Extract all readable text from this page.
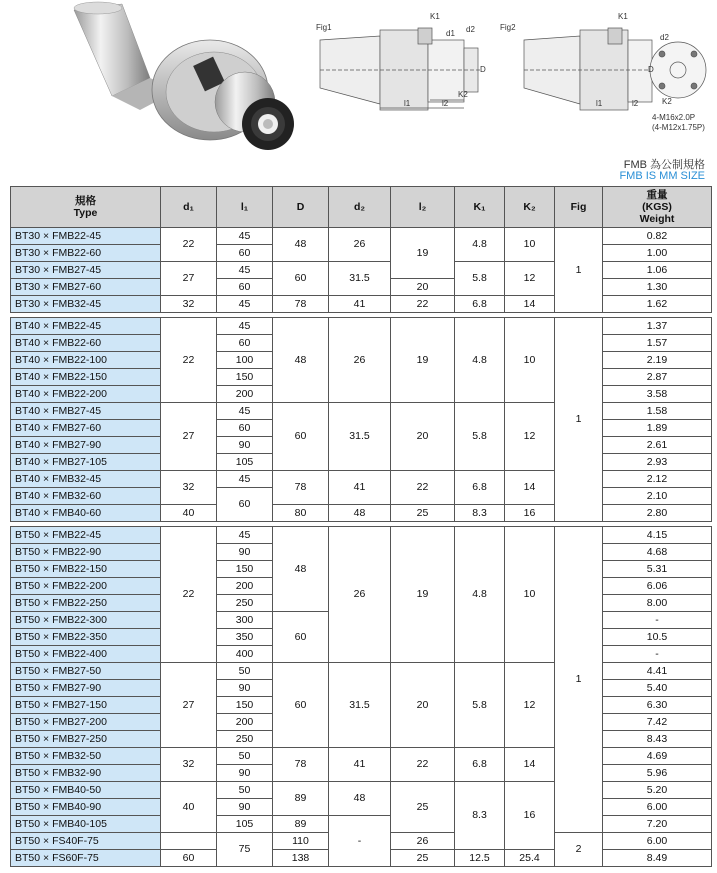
Fig1
K1
d1 d2
D
K2
l1	l2
Fig2
K1
d2
D
K2
l1	l2
4-M16x2.0P
(4-M12x1.75P)
FMB 為公制規格
FMB IS MM SIZE
規格
Type	d₁	l₁	D	d₂	l₂	K₁	K₂	Fig	重量
(KGS)
Weight
BT30 × FMB22-45	22	45	48	26	19	4.8	10	1	0.82
BT30 × FMB22-60		60							1.00
BT30 × FMB27-45	27	45	60	31.5		5.8	12		1.06
BT30 × FMB27-60		60			20				1.30
BT30 × FMB32-45	32	45	78	41	22	6.8	14		1.62

BT40 × FMB22-45	22	45	48	26	19	4.8	10	1	1.37
BT40 × FMB22-60		60							1.57
BT40 × FMB22-100		100							2.19
BT40 × FMB22-150		150							2.87
BT40 × FMB22-200		200							3.58
BT40 × FMB27-45	27	45	60	31.5	20	5.8	12		1.58
BT40 × FMB27-60		60							1.89
BT40 × FMB27-90		90							2.61
BT40 × FMB27-105		105							2.93
BT40 × FMB32-45	32	45	78	41	22	6.8	14		2.12
BT40 × FMB32-60		60							2.10
BT40 × FMB40-60	40		80	48	25	8.3	16		2.80

BT50 × FMB22-45	22	45	48	26	19	4.8	10	1	4.15
BT50 × FMB22-90		90							4.68
BT50 × FMB22-150		150							5.31
BT50 × FMB22-200		200							6.06
BT50 × FMB22-250		250							8.00
BT50 × FMB22-300		300	60						-
BT50 × FMB22-350		350							10.5
BT50 × FMB22-400		400							-
BT50 × FMB27-50	27	50	60	31.5	20	5.8	12		4.41
BT50 × FMB27-90		90							5.40
BT50 × FMB27-150		150							6.30
BT50 × FMB27-200		200							7.42
BT50 × FMB27-250		250							8.43
BT50 × FMB32-50	32	50	78	41	22	6.8	14		4.69
BT50 × FMB32-90		90							5.96
BT50 × FMB40-50	40	50	89	48	25	8.3	16		5.20
BT50 × FMB40-90		90							6.00
BT50 × FMB40-105		105	89	-					7.20
BT50 × FS40F-75		75	110		26			2	6.00
BT50 × FS60F-75	60		138		25	12.5	25.4		8.49
